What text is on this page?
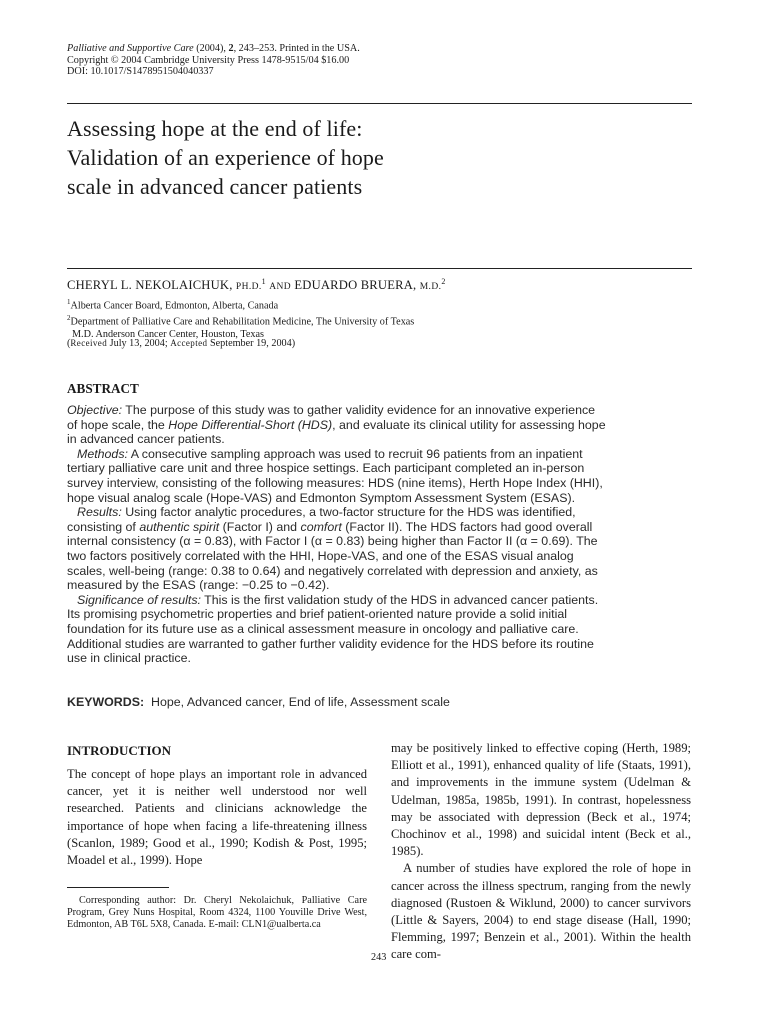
Palliative and Supportive Care (2004), 2, 243–253. Printed in the USA.
Copyright © 2004 Cambridge University Press 1478-9515/04 $16.00
DOI: 10.1017/S1478951504040337
Assessing hope at the end of life:
Validation of an experience of hope
scale in advanced cancer patients
CHERYL L. NEKOLAICHUK, PH.D.$^1$ AND EDUARDO BRUERA, M.D.$^2$
$^1$Alberta Cancer Board, Edmonton, Alberta, Canada
$^2$Department of Palliative Care and Rehabilitation Medicine, The University of Texas
M.D. Anderson Cancer Center, Houston, Texas
(Received July 13, 2004; Accepted September 19, 2004)
ABSTRACT

Objective: The purpose of this study was to gather validity evidence for an innovative experience of hope scale, the Hope Differential-Short (HDS), and evaluate its clinical utility for assessing hope in advanced cancer patients.

Methods: A consecutive sampling approach was used to recruit 96 patients from an inpatient tertiary palliative care unit and three hospice settings. Each participant completed an in-person survey interview, consisting of the following measures: HDS (nine items), Herth Hope Index (HHI), hope visual analog scale (Hope-VAS) and Edmonton Symptom Assessment System (ESAS).

Results: Using factor analytic procedures, a two-factor structure for the HDS was identified, consisting of authentic spirit (Factor I) and comfort (Factor II). The HDS factors had good overall internal consistency (α = 0.83), with Factor I (α = 0.83) being higher than Factor II (α = 0.69). The two factors positively correlated with the HHI, Hope-VAS, and one of the ESAS visual analog scales, well-being (range: 0.38 to 0.64) and negatively correlated with depression and anxiety, as measured by the ESAS (range: −0.25 to −0.42).

Significance of results: This is the first validation study of the HDS in advanced cancer patients. Its promising psychometric properties and brief patient-oriented nature provide a solid initial foundation for its future use as a clinical assessment measure in oncology and palliative care. Additional studies are warranted to gather further validity evidence for the HDS before its routine use in clinical practice.

KEYWORDS:  Hope, Advanced cancer, End of life, Assessment scale
INTRODUCTION

The concept of hope plays an important role in advanced cancer, yet it is neither well understood nor well researched. Patients and clinicians acknowledge the importance of hope when facing a life-threatening illness (Scanlon, 1989; Good et al., 1990; Kodish & Post, 1995; Moadel et al., 1999). Hope

may be positively linked to effective coping (Herth, 1989; Elliott et al., 1991), enhanced quality of life (Staats, 1991), and improvements in the immune system (Udelman & Udelman, 1985a, 1985b, 1991). In contrast, hopelessness may be associated with depression (Beck et al., 1974; Chochinov et al., 1998) and suicidal intent (Beck et al., 1985).

A number of studies have explored the role of hope in cancer across the illness spectrum, ranging from the newly diagnosed (Rustoen & Wiklund, 2000) to cancer survivors (Little & Sayers, 2004) to end stage disease (Hall, 1990; Flemming, 1997; Benzein et al., 2001). Within the health care com-

Corresponding author: Dr. Cheryl Nekolaichuk, Palliative Care Program, Grey Nuns Hospital, Room 4324, 1100 Youville Drive West, Edmonton, AB T6L 5X8, Canada. E-mail: CLN1@ualberta.ca
243
